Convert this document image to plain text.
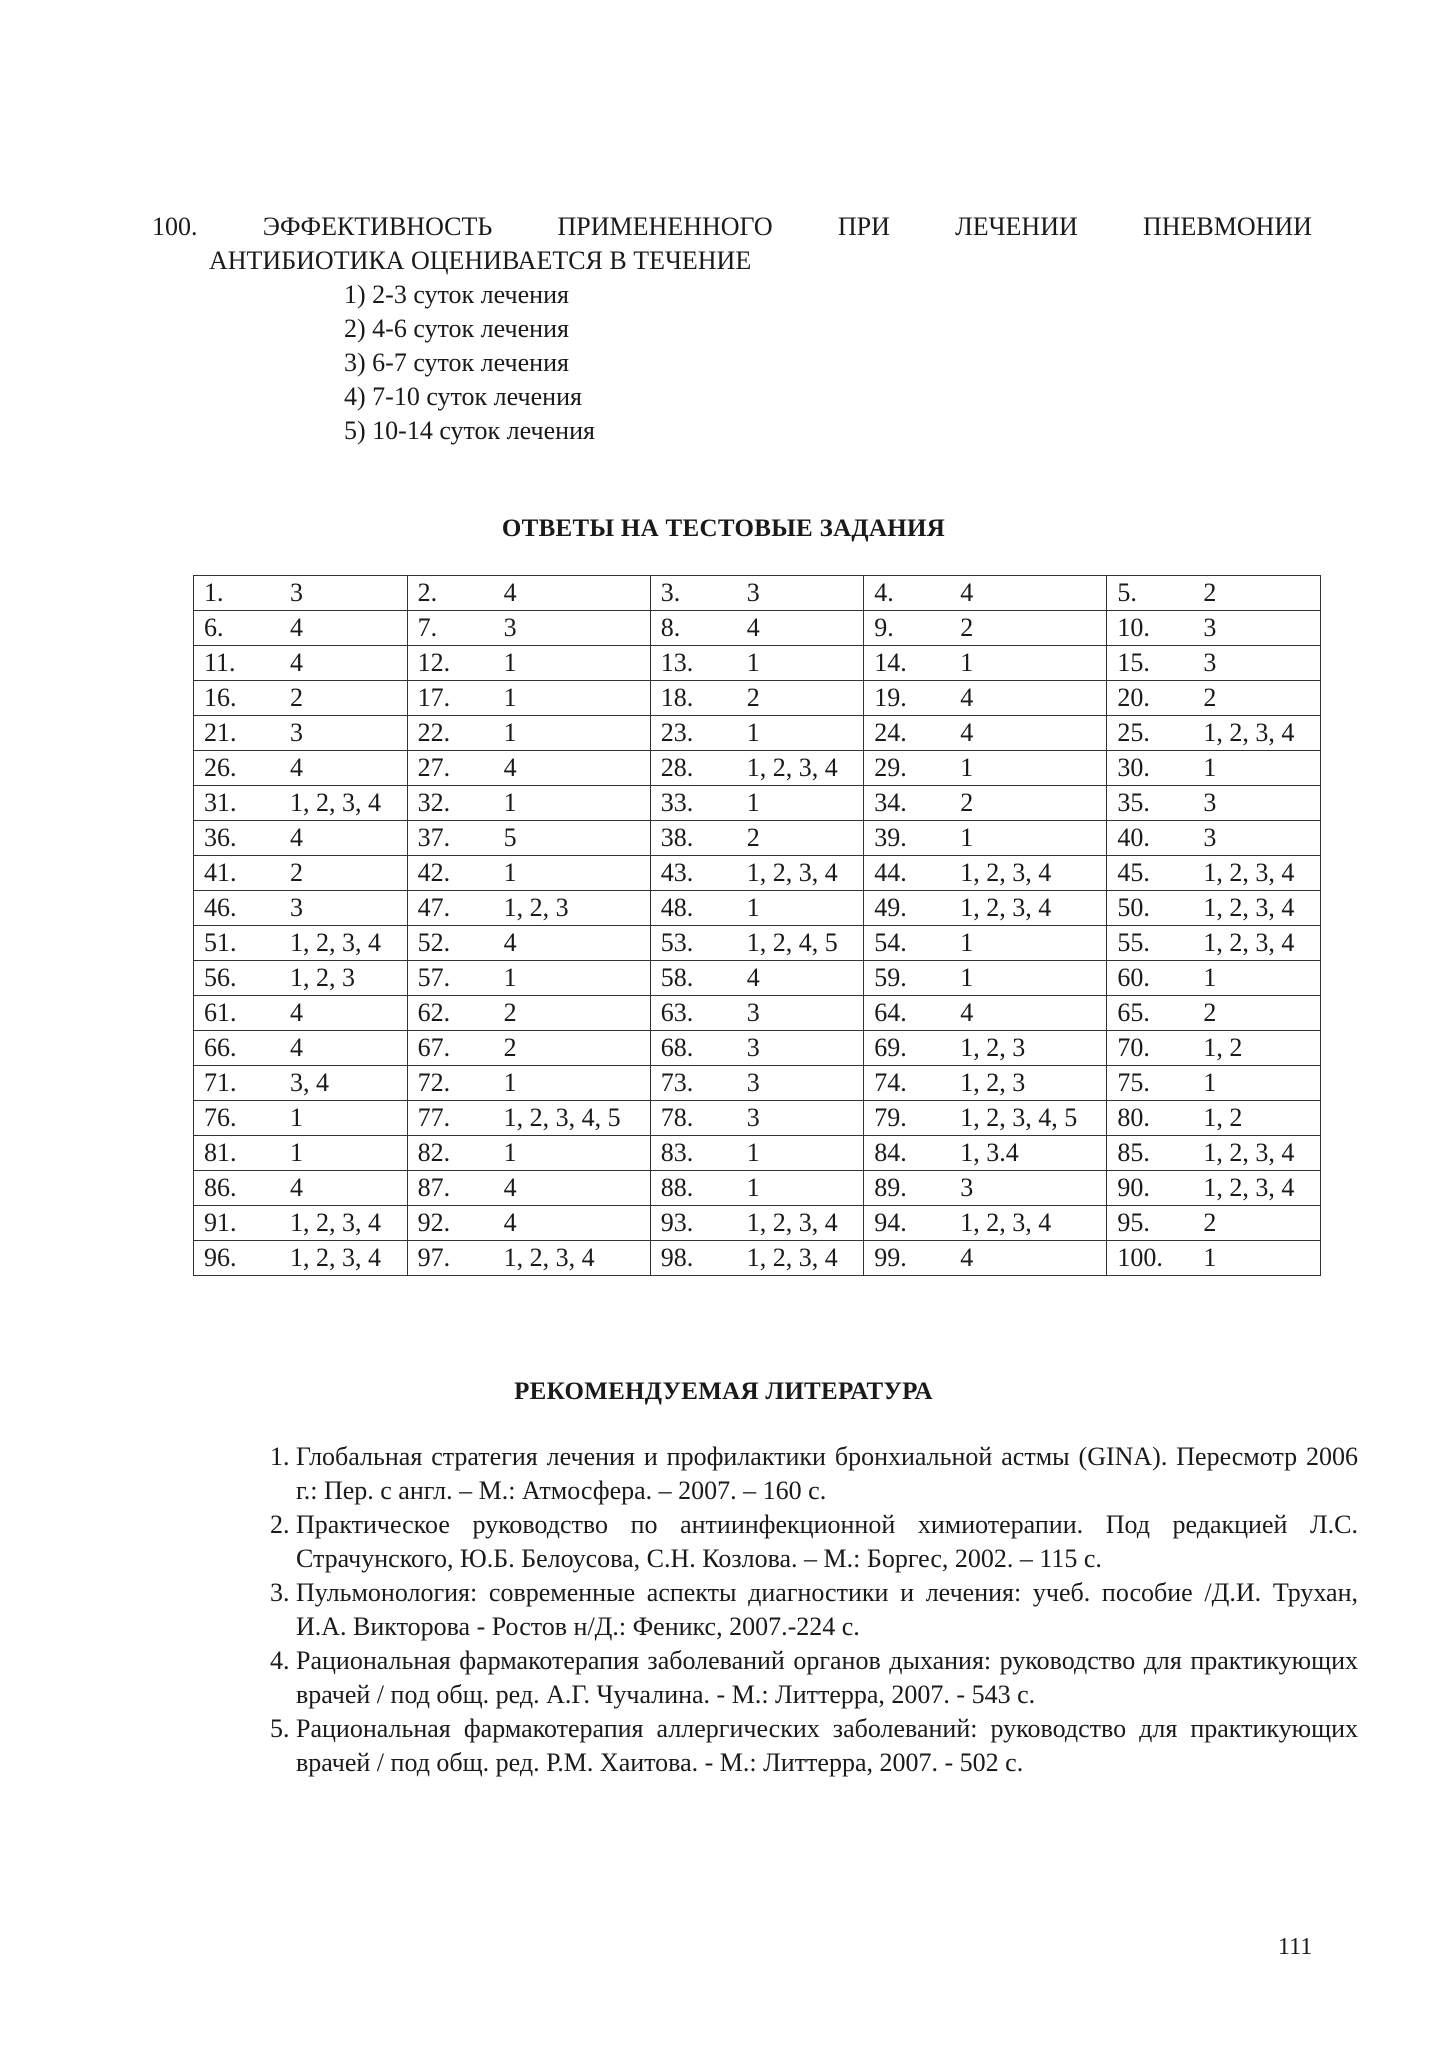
100.	ЭФФЕКТИВНОСТЬ	ПРИМЕНЕННОГО	ПРИ	ЛЕЧЕНИИ	ПНЕВМОНИИ
АНТИБИОТИКА ОЦЕНИВАЕТСЯ В ТЕЧЕНИЕ
1) 2-3 суток лечения
2) 4-6 суток лечения
3) 6-7 суток лечения
4) 7-10 суток лечения
5) 10-14 суток лечения
ОТВЕТЫ НА ТЕСТОВЫЕ ЗАДАНИЯ
1. 3	2. 4	3. 3	4. 4	5. 2
6. 4	7. 3	8. 4	9. 2	10. 3
11. 4	12. 1	13. 1	14. 1	15. 3
16. 2	17. 1	18. 2	19. 4	20. 2
21. 3	22. 1	23. 1	24. 4	25. 1, 2, 3, 4
26. 4	27. 4	28. 1, 2, 3, 4	29. 1	30. 1
31. 1, 2, 3, 4	32. 1	33. 1	34. 2	35. 3
36. 4	37. 5	38. 2	39. 1	40. 3
41. 2	42. 1	43. 1, 2, 3, 4	44. 1, 2, 3, 4	45. 1, 2, 3, 4
46. 3	47. 1, 2, 3	48. 1	49. 1, 2, 3, 4	50. 1, 2, 3, 4
51. 1, 2, 3, 4	52. 4	53. 1, 2, 4, 5	54. 1	55. 1, 2, 3, 4
56. 1, 2, 3	57. 1	58. 4	59. 1	60. 1
61. 4	62. 2	63. 3	64. 4	65. 2
66. 4	67. 2	68. 3	69. 1, 2, 3	70. 1, 2
71. 3, 4	72. 1	73. 3	74. 1, 2, 3	75. 1
76. 1	77. 1, 2, 3, 4, 5	78. 3	79. 1, 2, 3, 4, 5	80. 1, 2
81. 1	82. 1	83. 1	84. 1, 3.4	85. 1, 2, 3, 4
86. 4	87. 4	88. 1	89. 3	90. 1, 2, 3, 4
91. 1, 2, 3, 4	92. 4	93. 1, 2, 3, 4	94. 1, 2, 3, 4	95. 2
96. 1, 2, 3, 4	97. 1, 2, 3, 4	98. 1, 2, 3, 4	99. 4	100. 1
РЕКОМЕНДУЕМАЯ ЛИТЕРАТУРА
1. Глобальная стратегия лечения и профилактики бронхиальной астмы (GINA). Пересмотр 2006 г.: Пер. с англ. – М.: Атмосфера. – 2007. – 160 с.
2. Практическое руководство по антиинфекционной химиотерапии. Под редакцией Л.С. Страчунского, Ю.Б. Белоусова, С.Н. Козлова. – М.: Боргес, 2002. – 115 с.
3. Пульмонология: современные аспекты диагностики и лечения: учеб. пособие /Д.И. Трухан, И.А. Викторова - Ростов н/Д.: Феникс, 2007.-224 с.
4. Рациональная фармакотерапия заболеваний органов дыхания: руководство для практикующих врачей / под общ. ред. А.Г. Чучалина. - М.: Литтерра, 2007. - 543 с.
5. Рациональная фармакотерапия аллергических заболеваний: руководство для практикующих врачей / под общ. ред. Р.М. Хаитова. - М.: Литтерра, 2007. - 502 с.
111
